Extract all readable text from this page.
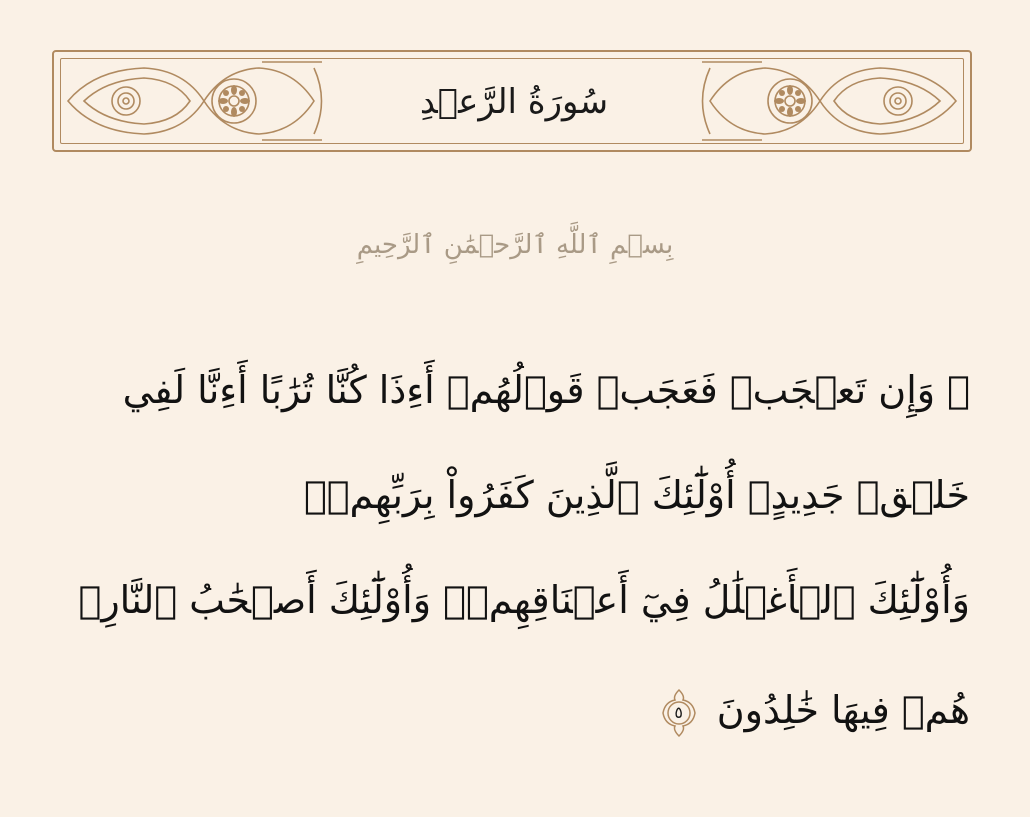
سُورَةُ الرَّعۡدِ
بِسۡمِ ٱللَّهِ ٱلرَّحۡمَٰنِ ٱلرَّحِيمِ
۞ وَإِن تَعۡجَبۡ فَعَجَبٞ قَوۡلُهُمۡ أَءِذَا كُنَّا تُرَٰبًا أَءِنَّا لَفِي
خَلۡقٖ جَدِيدٍۗ أُوْلَٰٓئِكَ ٱلَّذِينَ كَفَرُواْ بِرَبِّهِمۡۖ
وَأُوْلَٰٓئِكَ ٱلۡأَغۡلَٰلُ فِيٓ أَعۡنَاقِهِمۡۖ وَأُوْلَٰٓئِكَ أَصۡحَٰبُ ٱلنَّارِۖ
هُمۡ فِيهَا خَٰلِدُونَ
٥
